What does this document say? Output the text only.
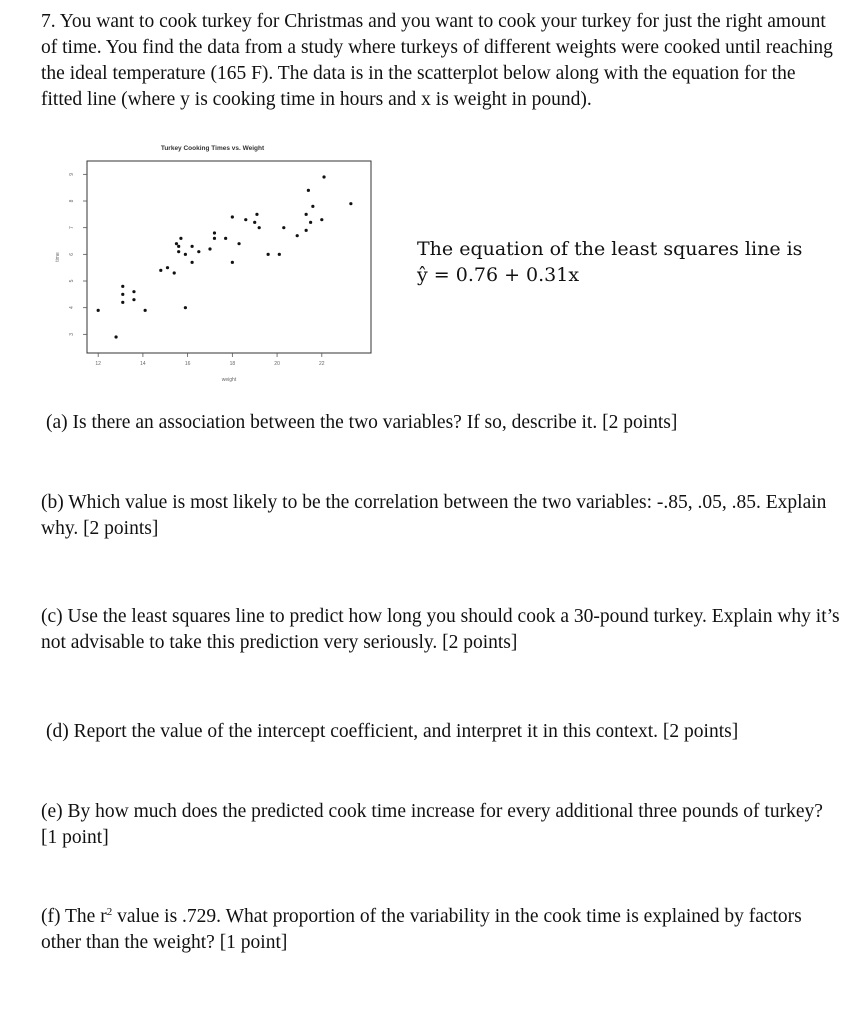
7. You want to cook turkey for Christmas and you want to cook your turkey for just the right amount of time. You find the data from a study where turkeys of different weights were cooked until reaching the ideal temperature (165 F). The data is in the scatterplot below along with the equation for the fitted line (where y is cooking time in hours and x is weight in pound).

Turkey Cooking Times vs. Weight
12	14	16	18	20	22
3
4
5
6
7
8
9
weight
time	The equation of the least squares line is
ŷ = 0.76 + 0.31x

(a) Is there an association between the two variables? If so, describe it. [2 points]

(b) Which value is most likely to be the correlation between the two variables: -.85, .05, .85. Explain why. [2 points]

(c) Use the least squares line to predict how long you should cook a 30-pound turkey. Explain why it’s not advisable to take this prediction very seriously. [2 points]

(d) Report the value of the intercept coefficient, and interpret it in this context. [2 points]

(e) By how much does the predicted cook time increase for every additional three pounds of turkey? [1 point]

(f) The $r^2$ value is .729. What proportion of the variability in the cook time is explained by factors other than the weight? [1 point]
